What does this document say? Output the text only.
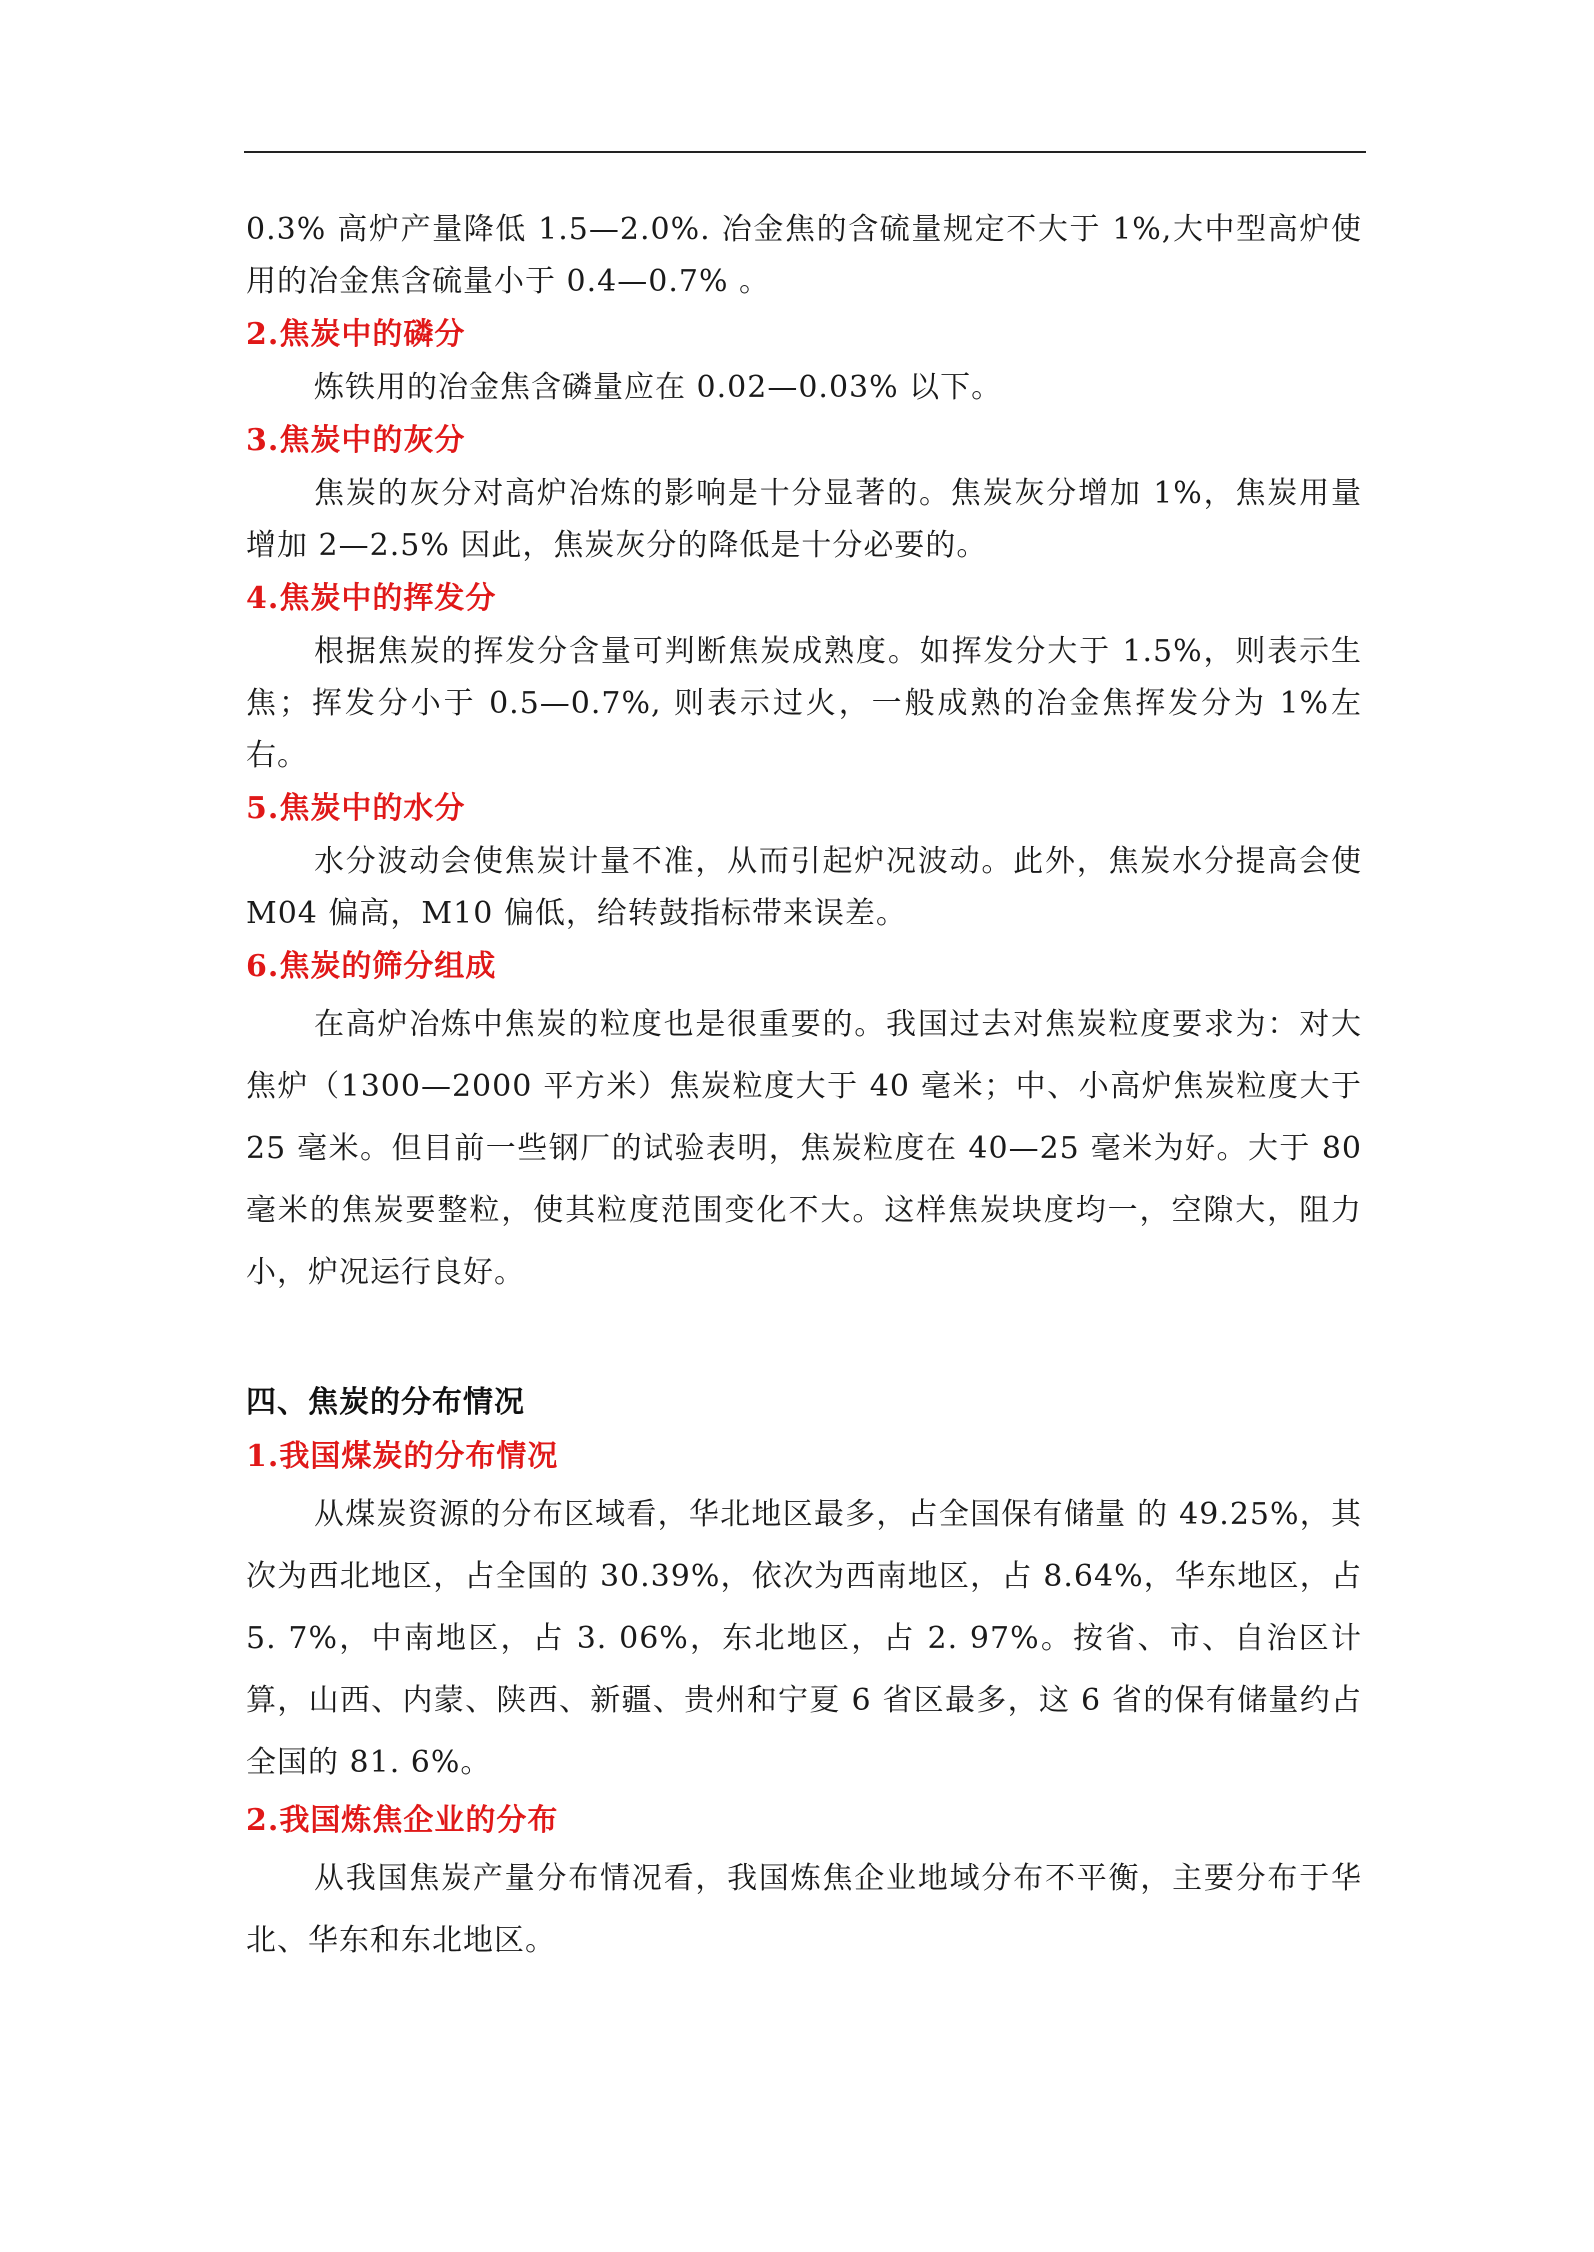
0.3% 高炉产量降低 1.5—2.0%. 冶金焦的含硫量规定不大于 1%,大中型高炉使用的冶金焦含硫量小于 0.4—0.7% 。

2.焦炭中的磷分

炼铁用的冶金焦含磷量应在 0.02—0.03% 以下。

3.焦炭中的灰分

焦炭的灰分对高炉冶炼的影响是十分显著的。焦炭灰分增加 1%，焦炭用量增加 2—2.5% 因此，焦炭灰分的降低是十分必要的。

4.焦炭中的挥发分

根据焦炭的挥发分含量可判断焦炭成熟度。如挥发分大于 1.5%，则表示生焦；挥发分小于 0.5—0.7%, 则表示过火，一般成熟的冶金焦挥发分为 1%左右。

5.焦炭中的水分

水分波动会使焦炭计量不准，从而引起炉况波动。此外，焦炭水分提高会使 M04 偏高，M10 偏低，给转鼓指标带来误差。

6.焦炭的筛分组成

在高炉冶炼中焦炭的粒度也是很重要的。我国过去对焦炭粒度要求为：对大焦炉（1300—2000 平方米）焦炭粒度大于 40 毫米；中、小高炉焦炭粒度大于 25 毫米。但目前一些钢厂的试验表明，焦炭粒度在 40—25 毫米为好。大于 80 毫米的焦炭要整粒，使其粒度范围变化不大。这样焦炭块度均一，空隙大，阻力小，炉况运行良好。

四、焦炭的分布情况

1.我国煤炭的分布情况

从煤炭资源的分布区域看，华北地区最多，占全国保有储量 的 49.25%，其次为西北地区，占全国的 30.39%，依次为西南地区，占 8.64%，华东地区，占 5. 7%，中南地区，占 3. 06%，东北地区，占 2. 97%。按省、市、自治区计算，山西、内蒙、陕西、新疆、贵州和宁夏 6 省区最多，这 6 省的保有储量约占全国的 81. 6%。

2.我国炼焦企业的分布

从我国焦炭产量分布情况看，我国炼焦企业地域分布不平衡，主要分布于华北、华东和东北地区。
